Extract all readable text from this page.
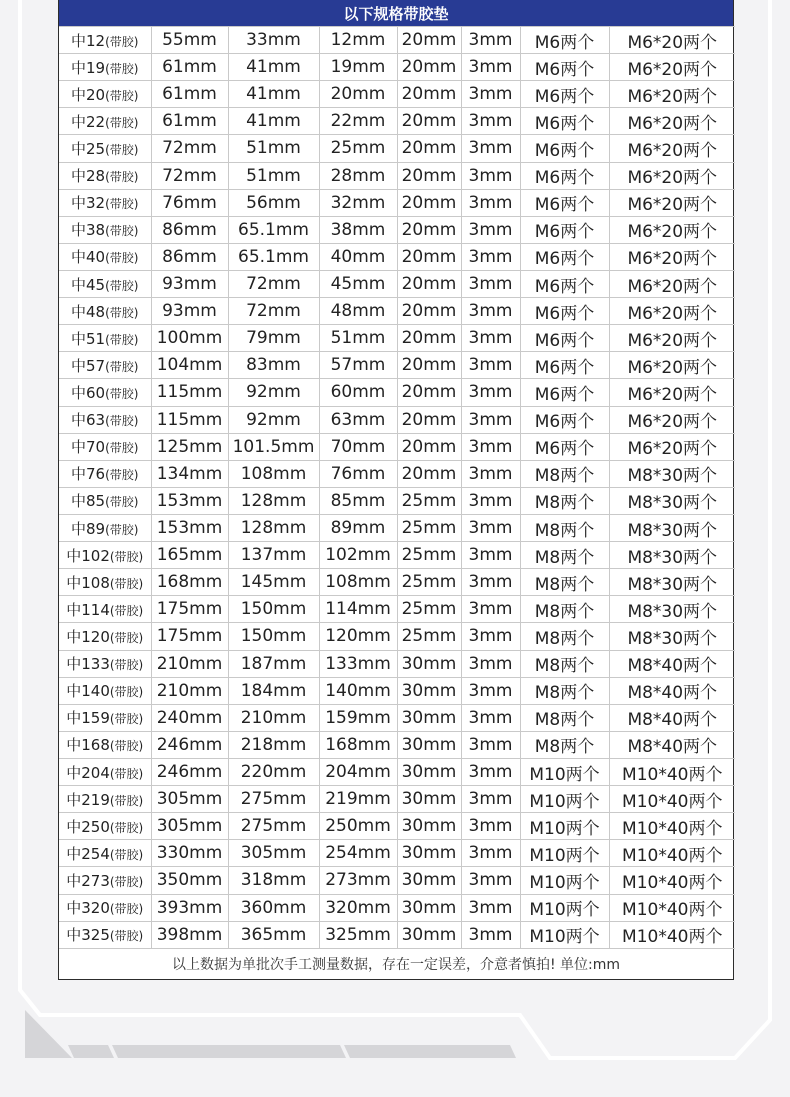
以下规格带胶垫
中12(带胶)	55mm	33mm	12mm	20mm	3mm	M6两个	M6*20两个
中19(带胶)	61mm	41mm	19mm	20mm	3mm	M6两个	M6*20两个
中20(带胶)	61mm	41mm	20mm	20mm	3mm	M6两个	M6*20两个
中22(带胶)	61mm	41mm	22mm	20mm	3mm	M6两个	M6*20两个
中25(带胶)	72mm	51mm	25mm	20mm	3mm	M6两个	M6*20两个
中28(带胶)	72mm	51mm	28mm	20mm	3mm	M6两个	M6*20两个
中32(带胶)	76mm	56mm	32mm	20mm	3mm	M6两个	M6*20两个
中38(带胶)	86mm	65.1mm	38mm	20mm	3mm	M6两个	M6*20两个
中40(带胶)	86mm	65.1mm	40mm	20mm	3mm	M6两个	M6*20两个
中45(带胶)	93mm	72mm	45mm	20mm	3mm	M6两个	M6*20两个
中48(带胶)	93mm	72mm	48mm	20mm	3mm	M6两个	M6*20两个
中51(带胶)	100mm	79mm	51mm	20mm	3mm	M6两个	M6*20两个
中57(带胶)	104mm	83mm	57mm	20mm	3mm	M6两个	M6*20两个
中60(带胶)	115mm	92mm	60mm	20mm	3mm	M6两个	M6*20两个
中63(带胶)	115mm	92mm	63mm	20mm	3mm	M6两个	M6*20两个
中70(带胶)	125mm	101.5mm	70mm	20mm	3mm	M6两个	M6*20两个
中76(带胶)	134mm	108mm	76mm	20mm	3mm	M8两个	M8*30两个
中85(带胶)	153mm	128mm	85mm	25mm	3mm	M8两个	M8*30两个
中89(带胶)	153mm	128mm	89mm	25mm	3mm	M8两个	M8*30两个
中102(带胶)	165mm	137mm	102mm	25mm	3mm	M8两个	M8*30两个
中108(带胶)	168mm	145mm	108mm	25mm	3mm	M8两个	M8*30两个
中114(带胶)	175mm	150mm	114mm	25mm	3mm	M8两个	M8*30两个
中120(带胶)	175mm	150mm	120mm	25mm	3mm	M8两个	M8*30两个
中133(带胶)	210mm	187mm	133mm	30mm	3mm	M8两个	M8*40两个
中140(带胶)	210mm	184mm	140mm	30mm	3mm	M8两个	M8*40两个
中159(带胶)	240mm	210mm	159mm	30mm	3mm	M8两个	M8*40两个
中168(带胶)	246mm	218mm	168mm	30mm	3mm	M8两个	M8*40两个
中204(带胶)	246mm	220mm	204mm	30mm	3mm	M10两个	M10*40两个
中219(带胶)	305mm	275mm	219mm	30mm	3mm	M10两个	M10*40两个
中250(带胶)	305mm	275mm	250mm	30mm	3mm	M10两个	M10*40两个
中254(带胶)	330mm	305mm	254mm	30mm	3mm	M10两个	M10*40两个
中273(带胶)	350mm	318mm	273mm	30mm	3mm	M10两个	M10*40两个
中320(带胶)	393mm	360mm	320mm	30mm	3mm	M10两个	M10*40两个
中325(带胶)	398mm	365mm	325mm	30mm	3mm	M10两个	M10*40两个
以上数据为单批次手工测量数据，存在一定误差，介意者慎拍! 单位:mm
